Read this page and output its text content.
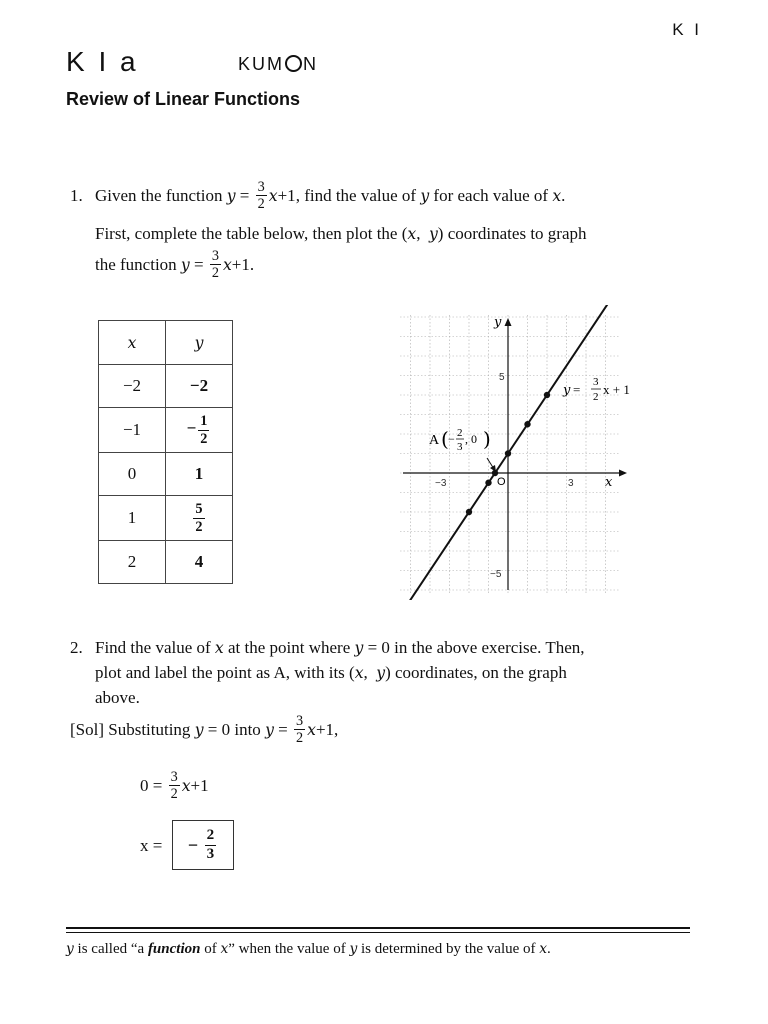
K I
K I a	KUM N
Review of Linear Functions
1. Given the function
$y = \frac{3}{2}$ x +1 , find the value of
y
for each value of
x .
First, complete the table below, then plot the (x,  y) coordinates to graph
the function
$y = \frac{3}{2}$ x +1.
x	y
−2	−2
−1	− $\frac{1}{2}$

0	1
1	$\frac{5}{2}$

2	4
x
y
O
5
−5
3
−3
A ( − 2
3
, 0 )
y = 3
2 x + 1
2. Find the value of x at the point where y = 0 in the above exercise. Then,
plot and label the point as A, with its (x,  y) coordinates, on the graph
above.
[Sol] Substituting
y = 0 into
$y = \frac{3}{2}$ x +1,
0 =
$\frac{3}{2}$ x +1
x = −
$\frac{2}{3}$
y is called “a function of x” when the value of y is determined by the value of x.
